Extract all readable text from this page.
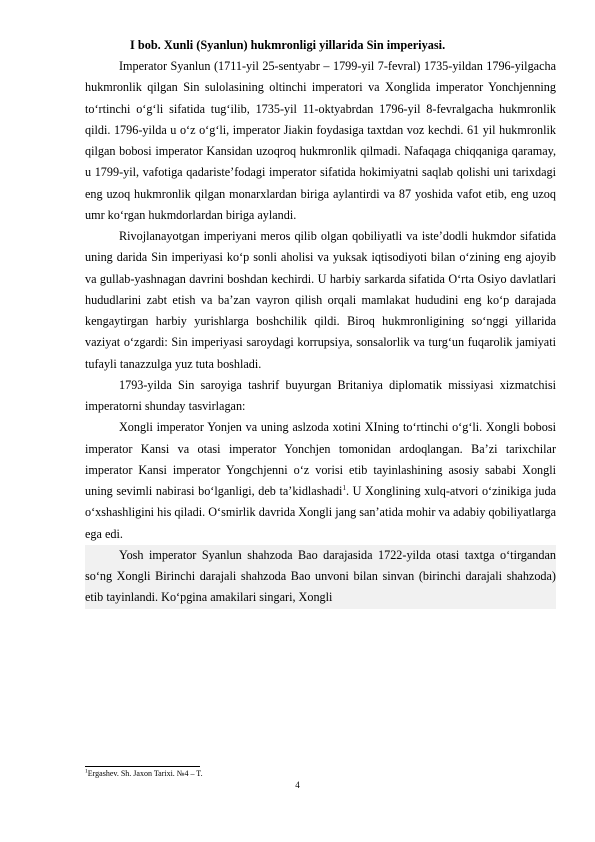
I bob. Xunli (Syanlun) hukmronligi yillarida Sin imperiyasi.

Imperator Syanlun (1711-yil 25-sentyabr – 1799-yil 7-fevral) 1735-yildan 1796-yilgacha hukmronlik qilgan Sin sulolasining oltinchi imperatori va Xonglida imperator Yonchjenning to‘rtinchi o‘g‘li sifatida tug‘ilib, 1735-yil 11-oktyabrdan 1796-yil 8-fevralgacha hukmronlik qildi. 1796-yilda u o‘z o‘g‘li, imperator Jiakin foydasiga taxtdan voz kechdi. 61 yil hukmronlik qilgan bobosi imperator Kansidan uzoqroq hukmronlik qilmadi. Nafaqaga chiqqaniga qaramay, u 1799-yil, vafotiga qadariste’fodagi imperator sifatida hokimiyatni saqlab qolishi uni tarixdagi eng uzoq hukmronlik qilgan monarxlardan biriga aylantirdi va 87 yoshida vafot etib, eng uzoq umr ko‘rgan hukmdorlardan biriga aylandi.

Rivojlanayotgan imperiyani meros qilib olgan qobiliyatli va iste’dodli hukmdor sifatida uning darida Sin imperiyasi ko‘p sonli aholisi va yuksak iqtisodiyoti bilan o‘zining eng ajoyib va gullab-yashnagan davrini boshdan kechirdi. U harbiy sarkarda sifatida O‘rta Osiyo davlatlari hududlarini zabt etish va ba’zan vayron qilish orqali mamlakat hududini eng ko‘p darajada kengaytirgan harbiy yurishlarga boshchilik qildi. Biroq hukmronligining so‘nggi yillarida vaziyat o‘zgardi: Sin imperiyasi saroydagi korrupsiya, sonsalorlik va turg‘un fuqarolik jamiyati tufayli tanazzulga yuz tuta boshladi.

1793-yilda Sin saroyiga tashrif buyurgan Britaniya diplomatik missiyasi xizmatchisi imperatorni shunday tasvirlagan:

Xongli imperator Yonjen va uning aslzoda xotini XIning to‘rtinchi o‘g‘li. Xongli bobosi imperator Kansi va otasi imperator Yonchjen tomonidan ardoqlangan. Ba’zi tarixchilar imperator Kansi imperator Yongchjenni o‘z vorisi etib tayinlashining asosiy sababi Xongli uning sevimli nabirasi bo‘lganligi, deb ta’kidlashadi$^1$. U Xonglining xulq-atvori o‘zinikiga juda o‘xshashligini his qiladi. O‘smirlik davrida Xongli jang san’atida mohir va adabiy qobiliyatlarga ega edi.

Yosh imperator Syanlun shahzoda Bao darajasida 1722-yilda otasi taxtga o‘tirgandan so‘ng Xongli Birinchi darajali shahzoda Bao unvoni bilan sinvan (birinchi darajali shahzoda) etib tayinlandi. Ko‘pgina amakilari singari, Xongli

$^1$Ergashev. Sh. Jaxon Tarixi. №4 – T.
4
